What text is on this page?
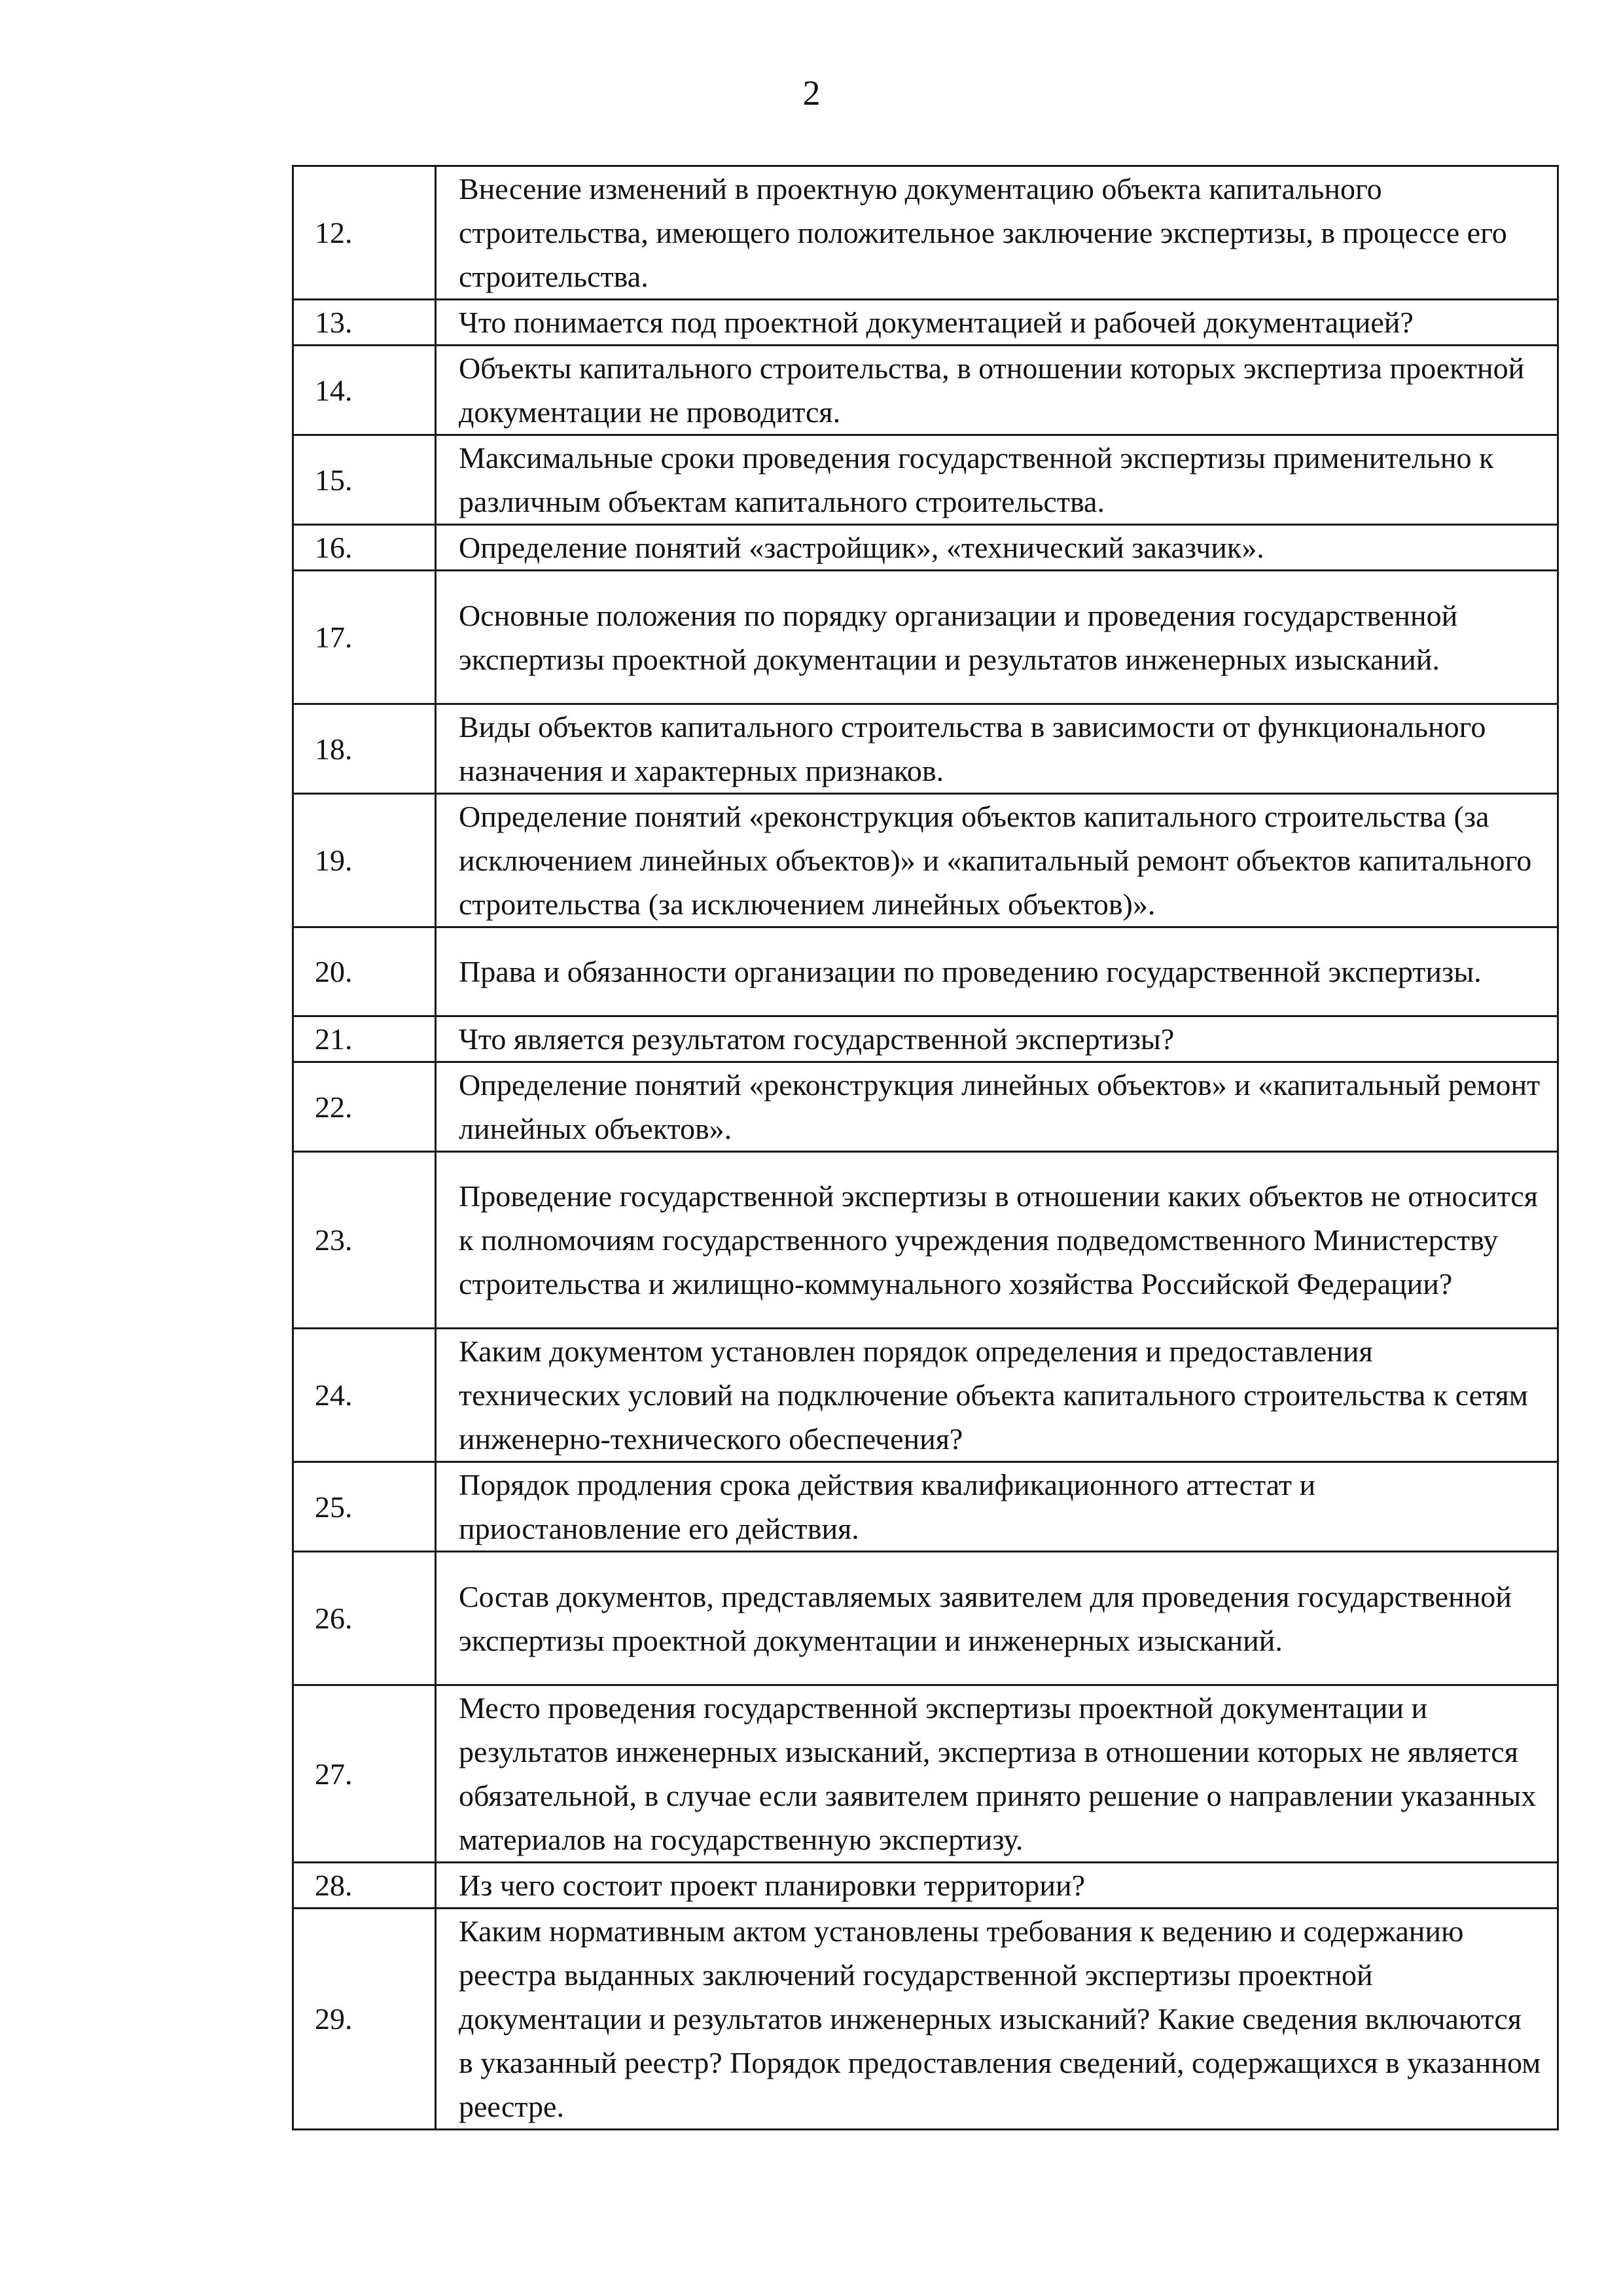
2
12.	Внесение изменений в проектную документацию объекта капитального строительства, имеющего положительное заключение экспертизы, в процессе его строительства.
13.	Что понимается под проектной документацией и рабочей документацией?
14.	Объекты капитального строительства, в отношении которых экспертиза проектной документации не проводится.
15.	Максимальные сроки проведения государственной экспертизы применительно к различным объектам капитального строительства.
16.	Определение понятий «застройщик», «технический заказчик».
17.	Основные положения по порядку организации и проведения государственной экспертизы проектной документации и результатов инженерных изысканий.
18.	Виды объектов капитального строительства в зависимости от функционального назначения и характерных признаков.
19.	Определение понятий «реконструкция объектов капитального строительства (за исключением линейных объектов)» и «капитальный ремонт объектов капитального строительства (за исключением линейных объектов)».
20.	Права и обязанности организации по проведению государственной экспертизы.
21.	Что является результатом государственной экспертизы?
22.	Определение понятий «реконструкция линейных объектов» и «капитальный ремонт линейных объектов».
23.	Проведение государственной экспертизы в отношении каких объектов не относится к полномочиям государственного учреждения подведомственного Министерству строительства и жилищно-коммунального хозяйства Российской Федерации?
24.	Каким документом установлен порядок определения и предоставления технических условий на подключение объекта капитального строительства к сетям инженерно-технического обеспечения?
25.	Порядок продления срока действия квалификационного аттестат и приостановление его действия.
26.	Состав документов, представляемых заявителем для проведения государственной экспертизы проектной документации и инженерных изысканий.
27.	Место проведения государственной экспертизы проектной документации и результатов инженерных изысканий, экспертиза в отношении которых не является обязательной, в случае если заявителем принято решение о направлении указанных материалов на государственную экспертизу.
28.	Из чего состоит проект планировки территории?
29.	Каким нормативным актом установлены требования к ведению и содержанию реестра выданных заключений государственной экспертизы проектной документации и результатов инженерных изысканий? Какие сведения включаются в указанный реестр? Порядок предоставления сведений, содержащихся в указанном реестре.
